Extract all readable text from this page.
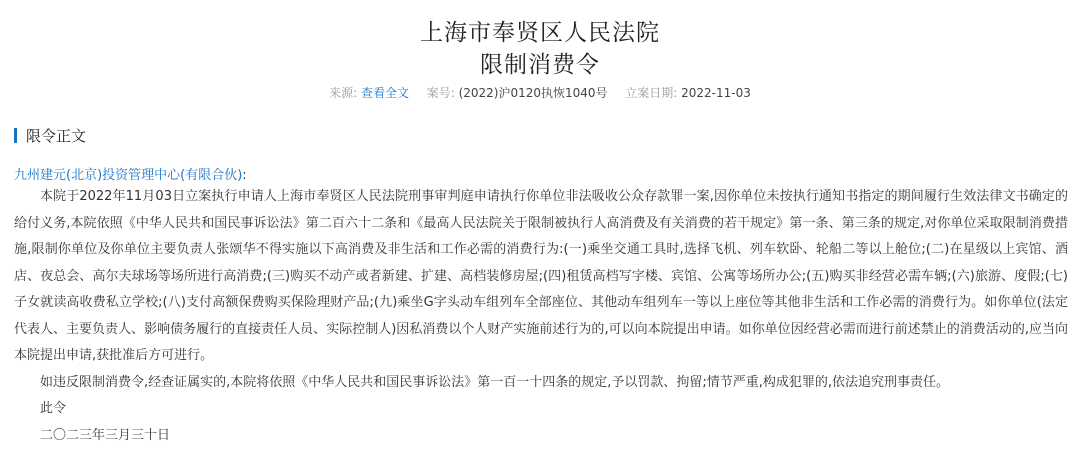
上海市奉贤区人民法院
限制消费令
来源: 查看全文 案号: (2022)沪0120执恢1040号 立案日期: 2022-11-03
限令正文
九州建元(北京)投资管理中心(有限合伙):

本院于2022年11月03日立案执行申请人上海市奉贤区人民法院刑事审判庭申请执行你单位非法吸收公众存款罪一案,因你单位未按执行通知书指定的期间履行生效法律文书确定的给付义务,本院依照《中华人民共和国民事诉讼法》第二百六十二条和《最高人民法院关于限制被执行人高消费及有关消费的若干规定》第一条、第三条的规定,对你单位采取限制消费措施,限制你单位及你单位主要负责人张颂华不得实施以下高消费及非生活和工作必需的消费行为:(一)乘坐交通工具时,选择飞机、列车软卧、轮船二等以上舱位;(二)在星级以上宾馆、酒店、夜总会、高尔夫球场等场所进行高消费;(三)购买不动产或者新建、扩建、高档装修房屋;(四)租赁高档写字楼、宾馆、公寓等场所办公;(五)购买非经营必需车辆;(六)旅游、度假;(七)子女就读高收费私立学校;(八)支付高额保费购买保险理财产品;(九)乘坐G字头动车组列车全部座位、其他动车组列车一等以上座位等其他非生活和工作必需的消费行为。如你单位(法定代表人、主要负责人、影响债务履行的直接责任人员、实际控制人)因私消费以个人财产实施前述行为的,可以向本院提出申请。如你单位因经营必需而进行前述禁止的消费活动的,应当向本院提出申请,获批准后方可进行。

如违反限制消费令,经查证属实的,本院将依照《中华人民共和国民事诉讼法》第一百一十四条的规定,予以罚款、拘留;情节严重,构成犯罪的,依法追究刑事责任。

此令

二〇二三年三月三十日
